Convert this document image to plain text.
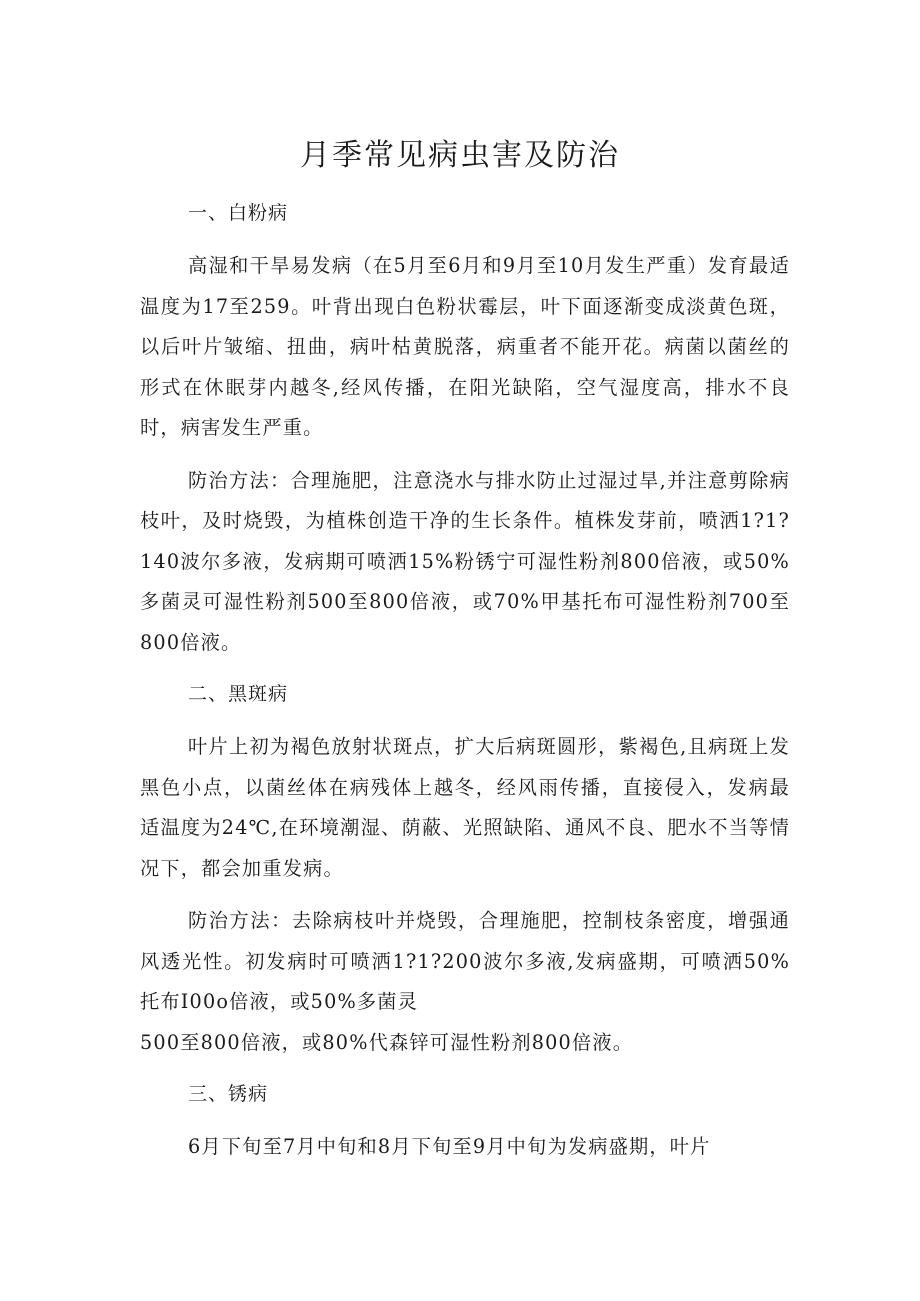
月季常见病虫害及防治
一、白粉病

高湿和干旱易发病（在5月至6月和9月至10月发生严重）发育最适温度为17至259。叶背出现白色粉状霉层，叶下面逐渐变成淡黄色斑，以后叶片皱缩、扭曲，病叶枯黄脱落，病重者不能开花。病菌以菌丝的形式在休眠芽内越冬,经风传播，在阳光缺陷，空气湿度高，排水不良时，病害发生严重。

防治方法：合理施肥，注意浇水与排水防止过湿过旱,并注意剪除病枝叶，及时烧毁，为植株创造干净的生长条件。植株发芽前，喷洒1?1?140波尔多液，发病期可喷洒15%粉锈宁可湿性粉剂800倍液，或50%多菌灵可湿性粉剂500至800倍液，或70%甲基托布可湿性粉剂700至800倍液。

二、黑斑病

叶片上初为褐色放射状斑点，扩大后病斑圆形，紫褐色,且病斑上发黑色小点，以菌丝体在病残体上越冬，经风雨传播，直接侵入，发病最适温度为24℃,在环境潮湿、荫蔽、光照缺陷、通风不良、肥水不当等情况下，都会加重发病。

防治方法：去除病枝叶并烧毁，合理施肥，控制枝条密度，增强通风透光性。初发病时可喷洒1?1?200波尔多液,发病盛期，可喷洒50%托布I00o倍液，或50%多菌灵

500至800倍液，或80%代森锌可湿性粉剂800倍液。

三、锈病

6月下旬至7月中旬和8月下旬至9月中旬为发病盛期，叶片
